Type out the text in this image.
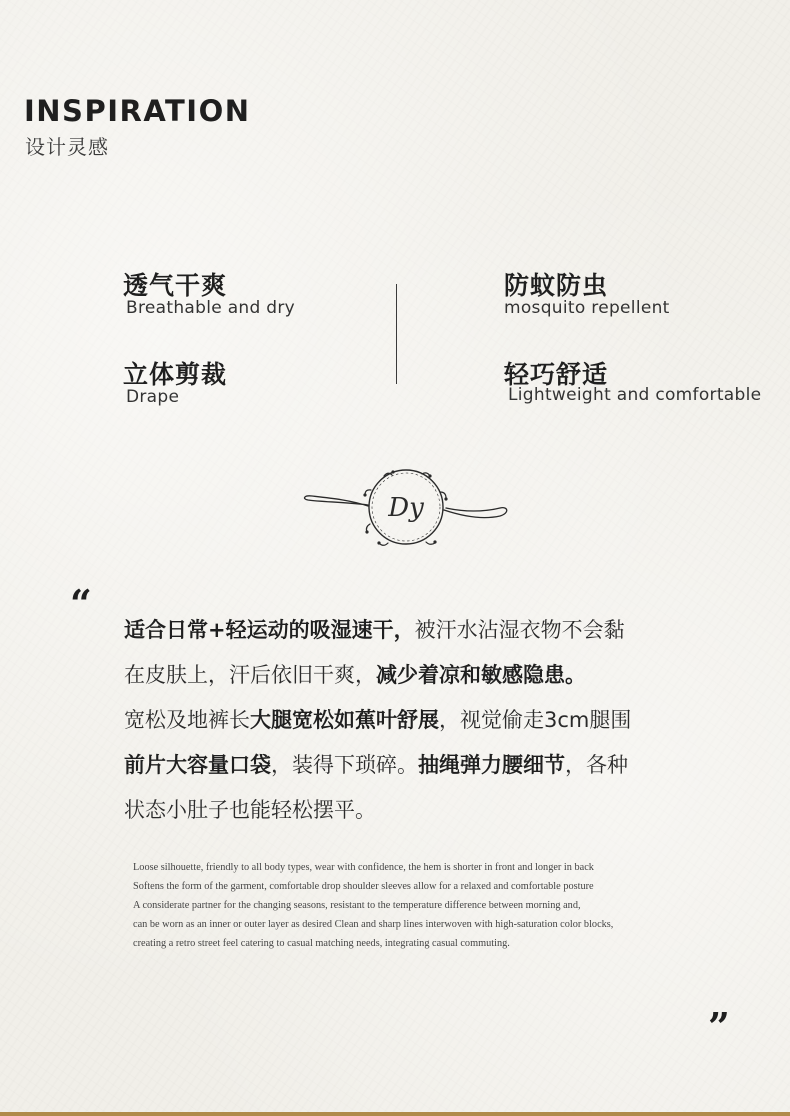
INSPIRATION
设计灵感
透气干爽
Breathable and dry
防蚊防虫
mosquito repellent
立体剪裁
Drape
轻巧舒适
Lightweight and comfortable
Dy
“
适合日常+轻运动的吸湿速干，被汗水沾湿衣物不会黏
在皮肤上，汗后依旧干爽，减少着凉和敏感隐患。
宽松及地裤长大腿宽松如蕉叶舒展，视觉偷走3cm腿围
前片大容量口袋，装得下琐碎。抽绳弹力腰细节，各种
状态小肚子也能轻松摆平。
Loose silhouette, friendly to all body types, wear with confidence, the hem is shorter in front and longer in back
Softens the form of the garment, comfortable drop shoulder sleeves allow for a relaxed and comfortable posture
A considerate partner for the changing seasons, resistant to the temperature difference between morning and,
can be worn as an inner or outer layer as desired Clean and sharp lines interwoven with high-saturation color blocks,
creating a retro street feel catering to casual matching needs, integrating casual commuting.
”
